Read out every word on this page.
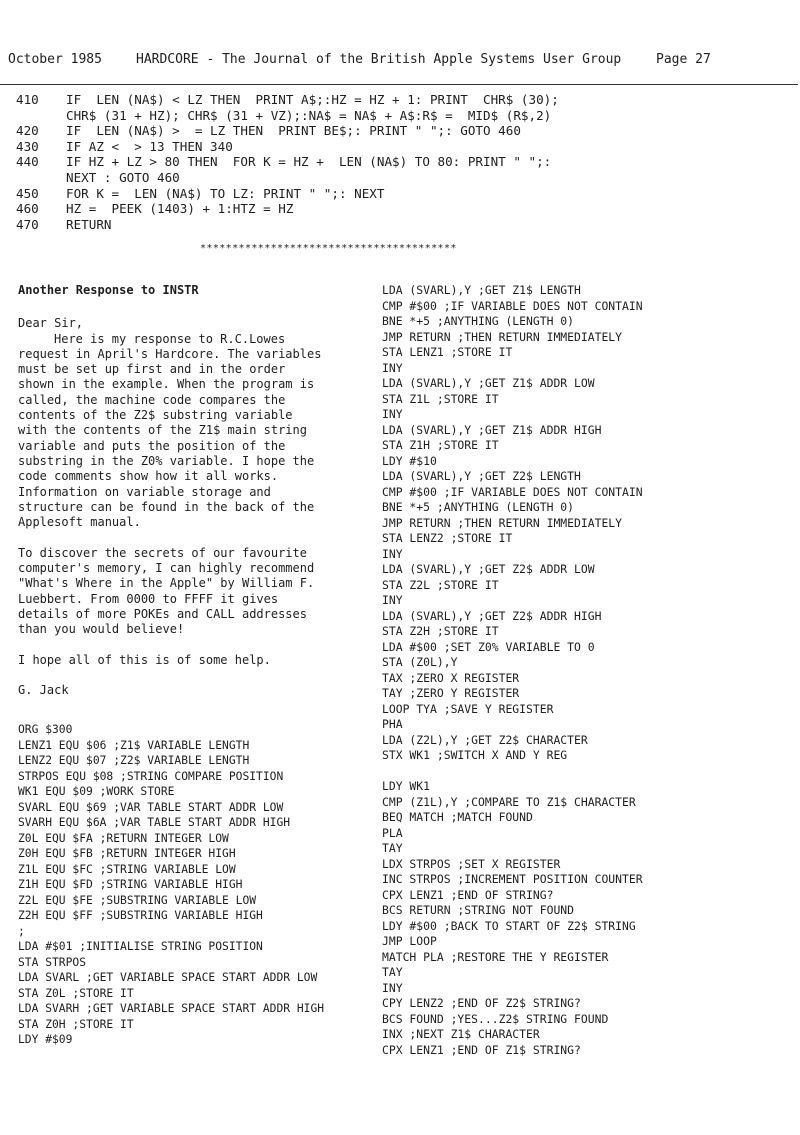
October 1985	HARDCORE - The Journal of the British Apple Systems User Group	Page 27
410	IF  LEN (NA$) < LZ THEN  PRINT A$;:HZ = HZ + 1: PRINT  CHR$ (30);
CHR$ (31 + HZ); CHR$ (31 + VZ);:NA$ = NA$ + A$:R$ =  MID$ (R$,2)
420	IF  LEN (NA$) >  = LZ THEN  PRINT BE$;: PRINT " ";: GOTO 460
430	IF AZ <  > 13 THEN 340
440	IF HZ + LZ > 80 THEN  FOR K = HZ +  LEN (NA$) TO 80: PRINT " ";:
NEXT : GOTO 460
450	FOR K =  LEN (NA$) TO LZ: PRINT " ";: NEXT
460	HZ =  PEEK (1403) + 1:HTZ = HZ
470	RETURN
****************************************
Another Response to INSTR

Dear Sir,

Here is my response to R.C.Lowes
request in April's Hardcore. The variables
must be set up first and in the order
shown in the example. When the program is
called, the machine code compares the
contents of the Z2$ substring variable
with the contents of the Z1$ main string
variable and puts the position of the
substring in the Z0% variable. I hope the
code comments show how it all works.
Information on variable storage and
structure can be found in the back of the
Applesoft manual.

To discover the secrets of our favourite
computer's memory, I can highly recommend
"What's Where in the Apple" by William F.
Luebbert. From 0000 to FFFF it gives
details of more POKEs and CALL addresses
than you would believe!

I hope all of this is of some help.

G. Jack

ORG $300
LENZ1 EQU $06 ;Z1$ VARIABLE LENGTH
LENZ2 EQU $07 ;Z2$ VARIABLE LENGTH
STRPOS EQU $08 ;STRING COMPARE POSITION
WK1 EQU $09 ;WORK STORE
SVARL EQU $69 ;VAR TABLE START ADDR LOW
SVARH EQU $6A ;VAR TABLE START ADDR HIGH
Z0L EQU $FA ;RETURN INTEGER LOW
Z0H EQU $FB ;RETURN INTEGER HIGH
Z1L EQU $FC ;STRING VARIABLE LOW
Z1H EQU $FD ;STRING VARIABLE HIGH
Z2L EQU $FE ;SUBSTRING VARIABLE LOW
Z2H EQU $FF ;SUBSTRING VARIABLE HIGH
;
LDA #$01 ;INITIALISE STRING POSITION
STA STRPOS
LDA SVARL ;GET VARIABLE SPACE START ADDR LOW
STA Z0L ;STORE IT
LDA SVARH ;GET VARIABLE SPACE START ADDR HIGH
STA Z0H ;STORE IT
LDY #$09
LDA (SVARL),Y ;GET Z1$ LENGTH
CMP #$00 ;IF VARIABLE DOES NOT CONTAIN
BNE *+5 ;ANYTHING (LENGTH 0)
JMP RETURN ;THEN RETURN IMMEDIATELY
STA LENZ1 ;STORE IT
INY
LDA (SVARL),Y ;GET Z1$ ADDR LOW
STA Z1L ;STORE IT
INY
LDA (SVARL),Y ;GET Z1$ ADDR HIGH
STA Z1H ;STORE IT
LDY #$10
LDA (SVARL),Y ;GET Z2$ LENGTH
CMP #$00 ;IF VARIABLE DOES NOT CONTAIN
BNE *+5 ;ANYTHING (LENGTH 0)
JMP RETURN ;THEN RETURN IMMEDIATELY
STA LENZ2 ;STORE IT
INY
LDA (SVARL),Y ;GET Z2$ ADDR LOW
STA Z2L ;STORE IT
INY
LDA (SVARL),Y ;GET Z2$ ADDR HIGH
STA Z2H ;STORE IT
LDA #$00 ;SET Z0% VARIABLE TO 0
STA (Z0L),Y
TAX ;ZERO X REGISTER
TAY ;ZERO Y REGISTER
LOOP TYA ;SAVE Y REGISTER
PHA
LDA (Z2L),Y ;GET Z2$ CHARACTER
STX WK1 ;SWITCH X AND Y REG
LDY WK1
CMP (Z1L),Y ;COMPARE TO Z1$ CHARACTER
BEQ MATCH ;MATCH FOUND
PLA
TAY
LDX STRPOS ;SET X REGISTER
INC STRPOS ;INCREMENT POSITION COUNTER
CPX LENZ1 ;END OF STRING?
BCS RETURN ;STRING NOT FOUND
LDY #$00 ;BACK TO START OF Z2$ STRING
JMP LOOP
MATCH PLA ;RESTORE THE Y REGISTER
TAY
INY
CPY LENZ2 ;END OF Z2$ STRING?
BCS FOUND ;YES...Z2$ STRING FOUND
INX ;NEXT Z1$ CHARACTER
CPX LENZ1 ;END OF Z1$ STRING?
